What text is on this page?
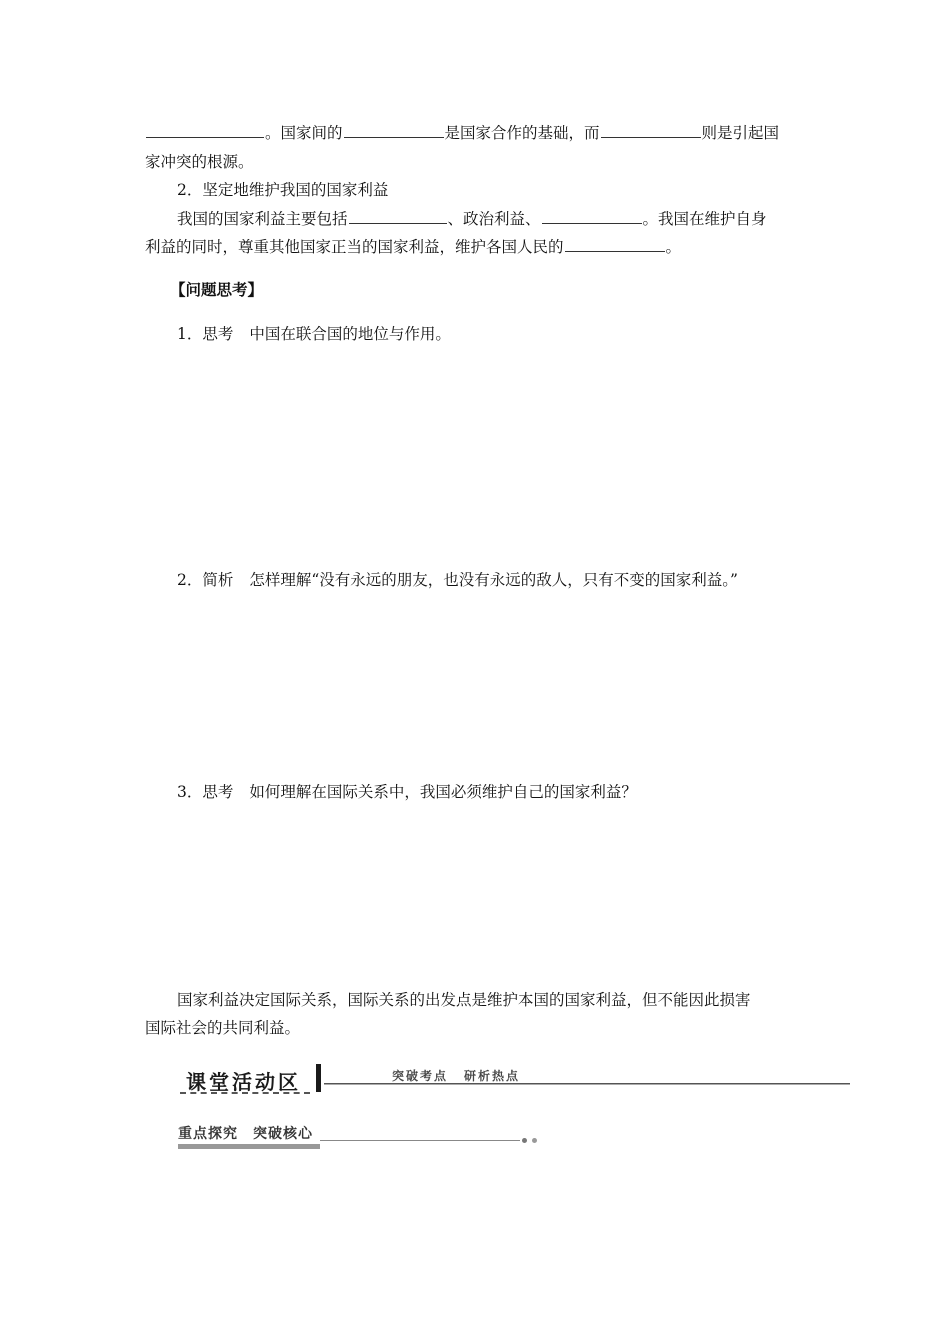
。国家间的	是国家合作的基础，而	则是引起国
家冲突的根源。
2．坚定地维护我国的国家利益
我国的国家利益主要包括	、政治利益、	。我国在维护自身
利益的同时，尊重其他国家正当的国家利益，维护各国人民的	。
【问题思考】
1．思考 中国在联合国的地位与作用。
2．简析 怎样理解“没有永远的朋友，也没有永远的敌人，只有不变的国家利益。”
3．思考 如何理解在国际关系中，我国必须维护自己的国家利益？
国家利益决定国际关系，国际关系的出发点是维护本国的国家利益，但不能因此损害
国际社会的共同利益。
课堂活动区	突破考点 研析热点
重点探究　突破核心
